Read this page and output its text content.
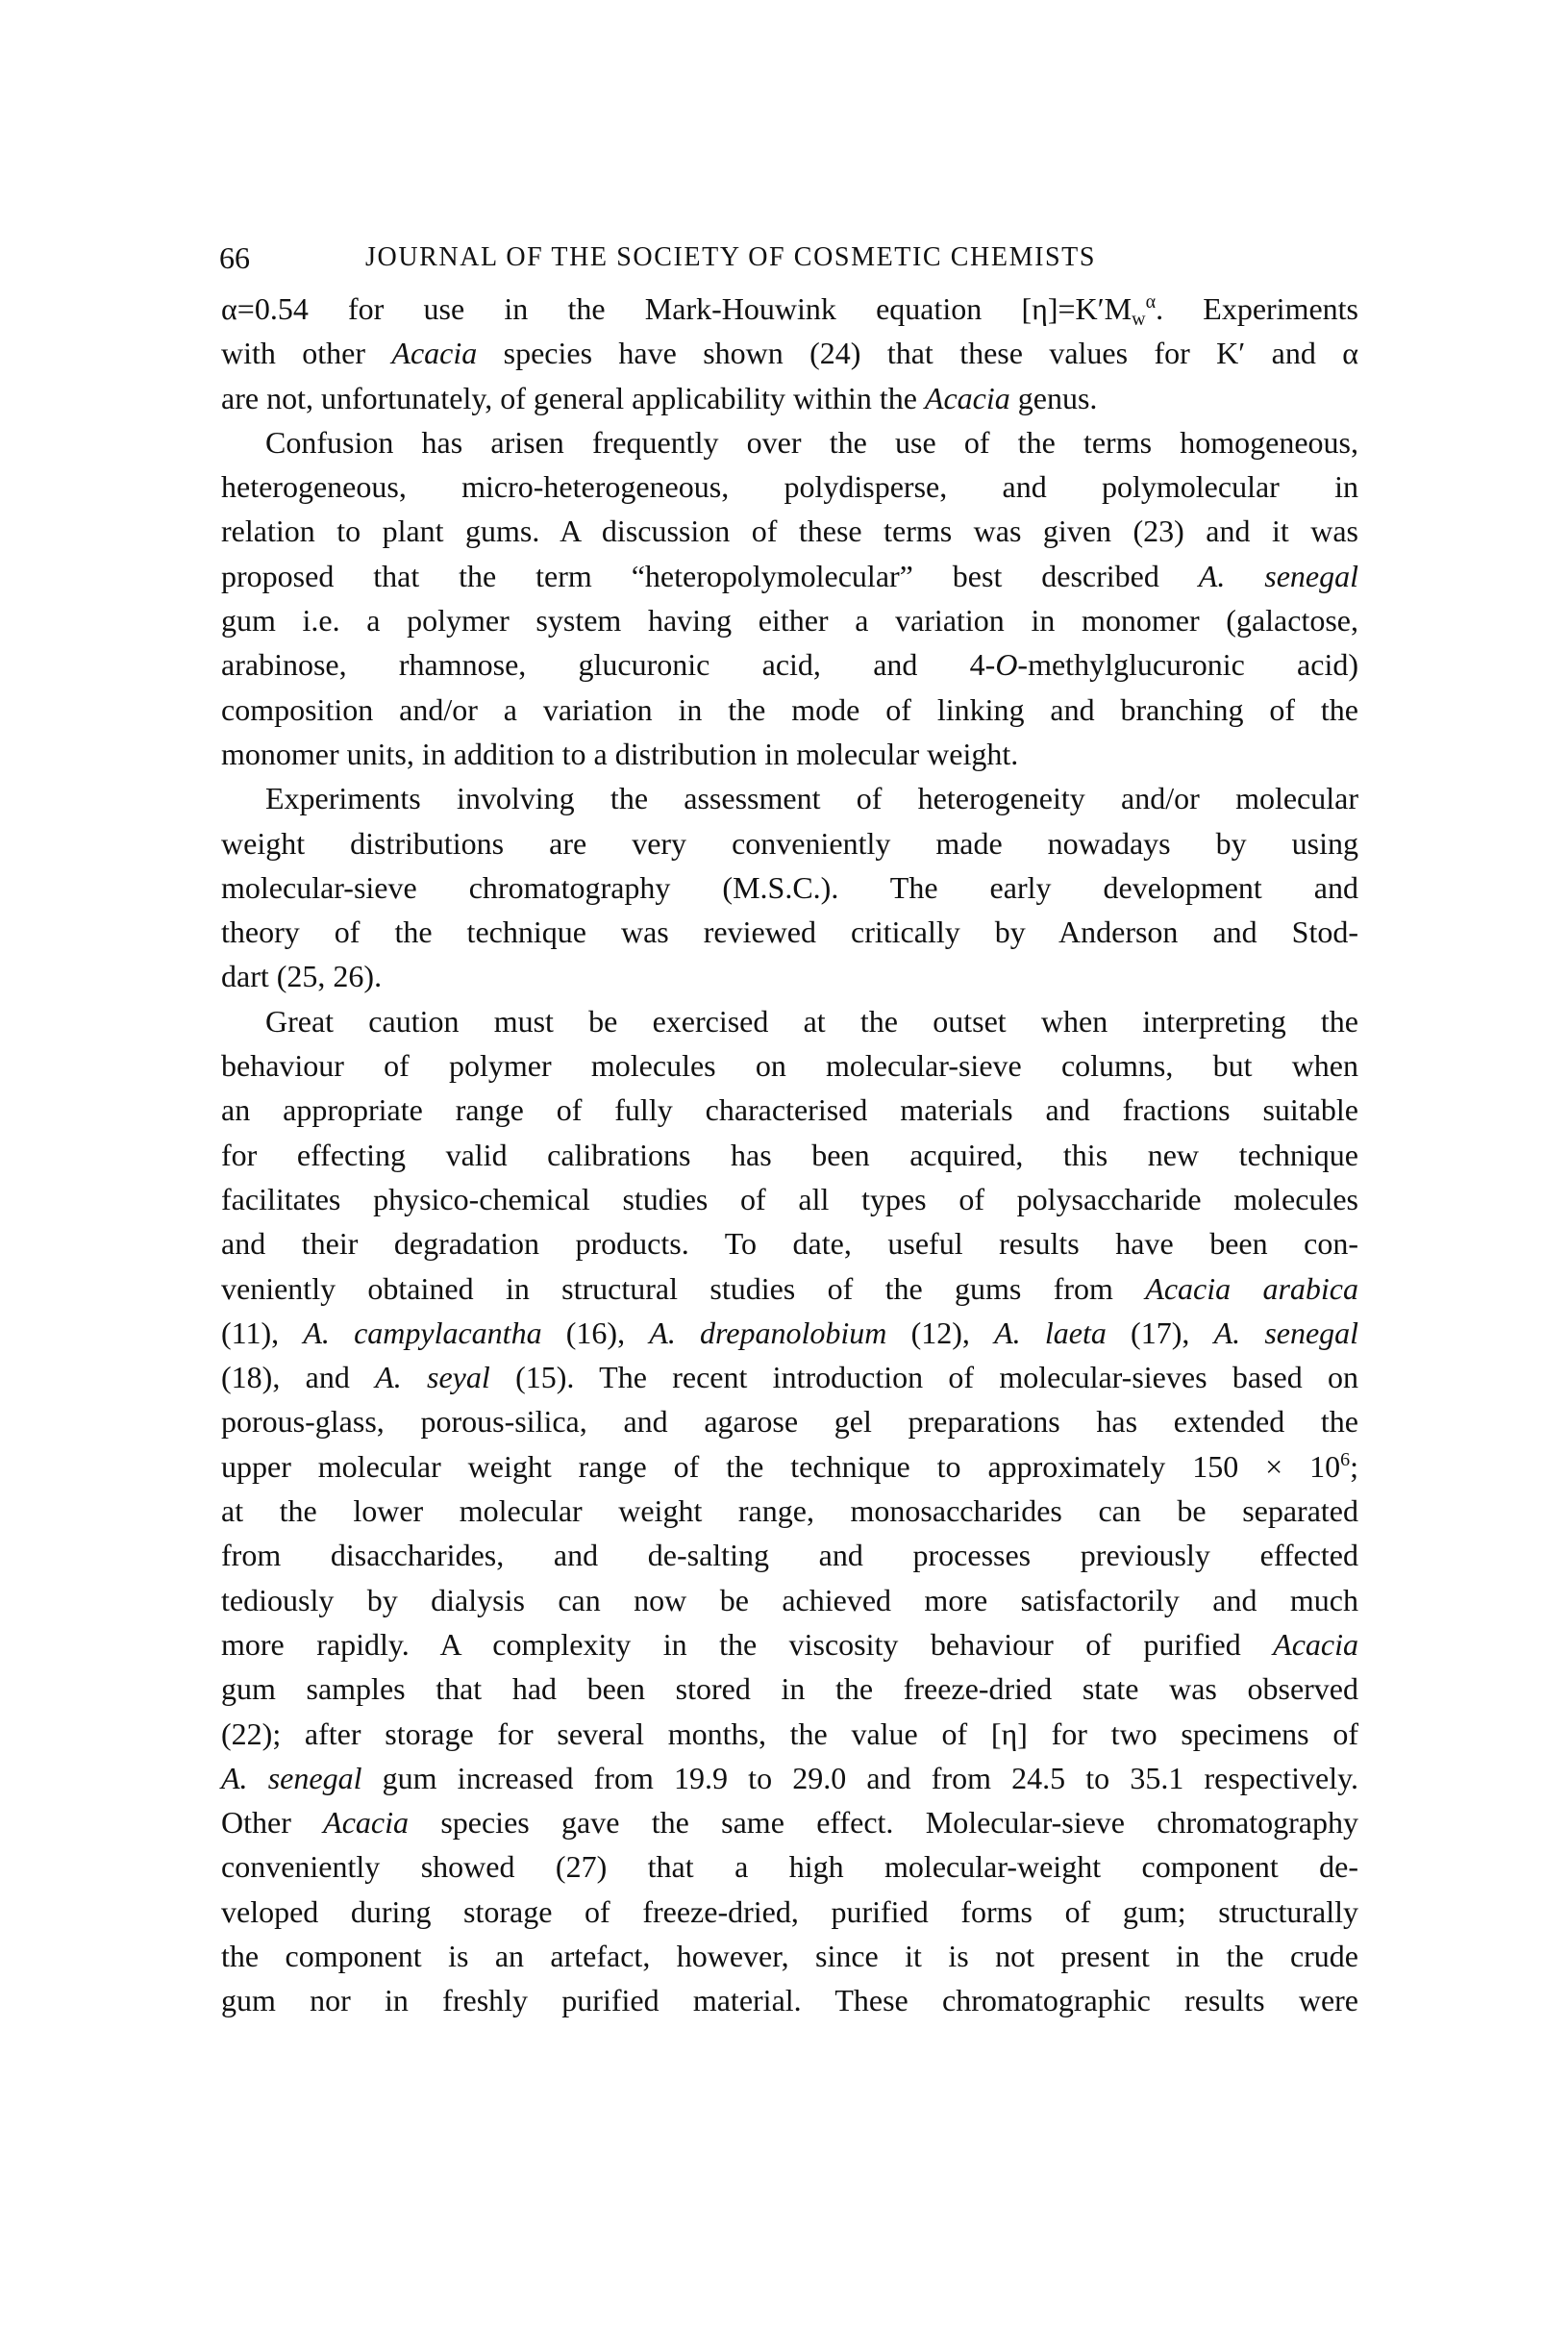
66	JOURNAL OF THE SOCIETY OF COSMETIC CHEMISTS
α=0.54 for use in the Mark-Houwink equation $[\eta]=K'M_w^\alpha$. Experiments
with other Acacia species have shown (24) that these values for K′ and α
are not, unfortunately, of general applicability within the Acacia genus.
Confusion has arisen frequently over the use of the terms homogeneous,
heterogeneous, micro-heterogeneous, polydisperse, and polymolecular in
relation to plant gums. A discussion of these terms was given (23) and it was
proposed that the term “heteropolymolecular” best described A. senegal
gum i.e. a polymer system having either a variation in monomer (galactose,
arabinose, rhamnose, glucuronic acid, and 4-O-methylglucuronic acid)
composition and/or a variation in the mode of linking and branching of the
monomer units, in addition to a distribution in molecular weight.
Experiments involving the assessment of heterogeneity and/or molecular
weight distributions are very conveniently made nowadays by using
molecular-sieve chromatography (M.S.C.). The early development and
theory of the technique was reviewed critically by Anderson and Stod-
dart (25, 26).
Great caution must be exercised at the outset when interpreting the
behaviour of polymer molecules on molecular-sieve columns, but when
an appropriate range of fully characterised materials and fractions suitable
for effecting valid calibrations has been acquired, this new technique
facilitates physico-chemical studies of all types of polysaccharide molecules
and their degradation products. To date, useful results have been con-
veniently obtained in structural studies of the gums from Acacia arabica
(11), A. campylacantha (16), A. drepanolobium (12), A. laeta (17), A. senegal
(18), and A. seyal (15). The recent introduction of molecular-sieves based on
porous-glass, porous-silica, and agarose gel preparations has extended the
upper molecular weight range of the technique to approximately $150 \times 10^6$;
at the lower molecular weight range, monosaccharides can be separated
from disaccharides, and de-salting and processes previously effected
tediously by dialysis can now be achieved more satisfactorily and much
more rapidly. A complexity in the viscosity behaviour of purified Acacia
gum samples that had been stored in the freeze-dried state was observed
(22); after storage for several months, the value of [η] for two specimens of
A. senegal gum increased from 19.9 to 29.0 and from 24.5 to 35.1 respectively.
Other Acacia species gave the same effect. Molecular-sieve chromatography
conveniently showed (27) that a high molecular-weight component de-
veloped during storage of freeze-dried, purified forms of gum; structurally
the component is an artefact, however, since it is not present in the crude
gum nor in freshly purified material. These chromatographic results were
